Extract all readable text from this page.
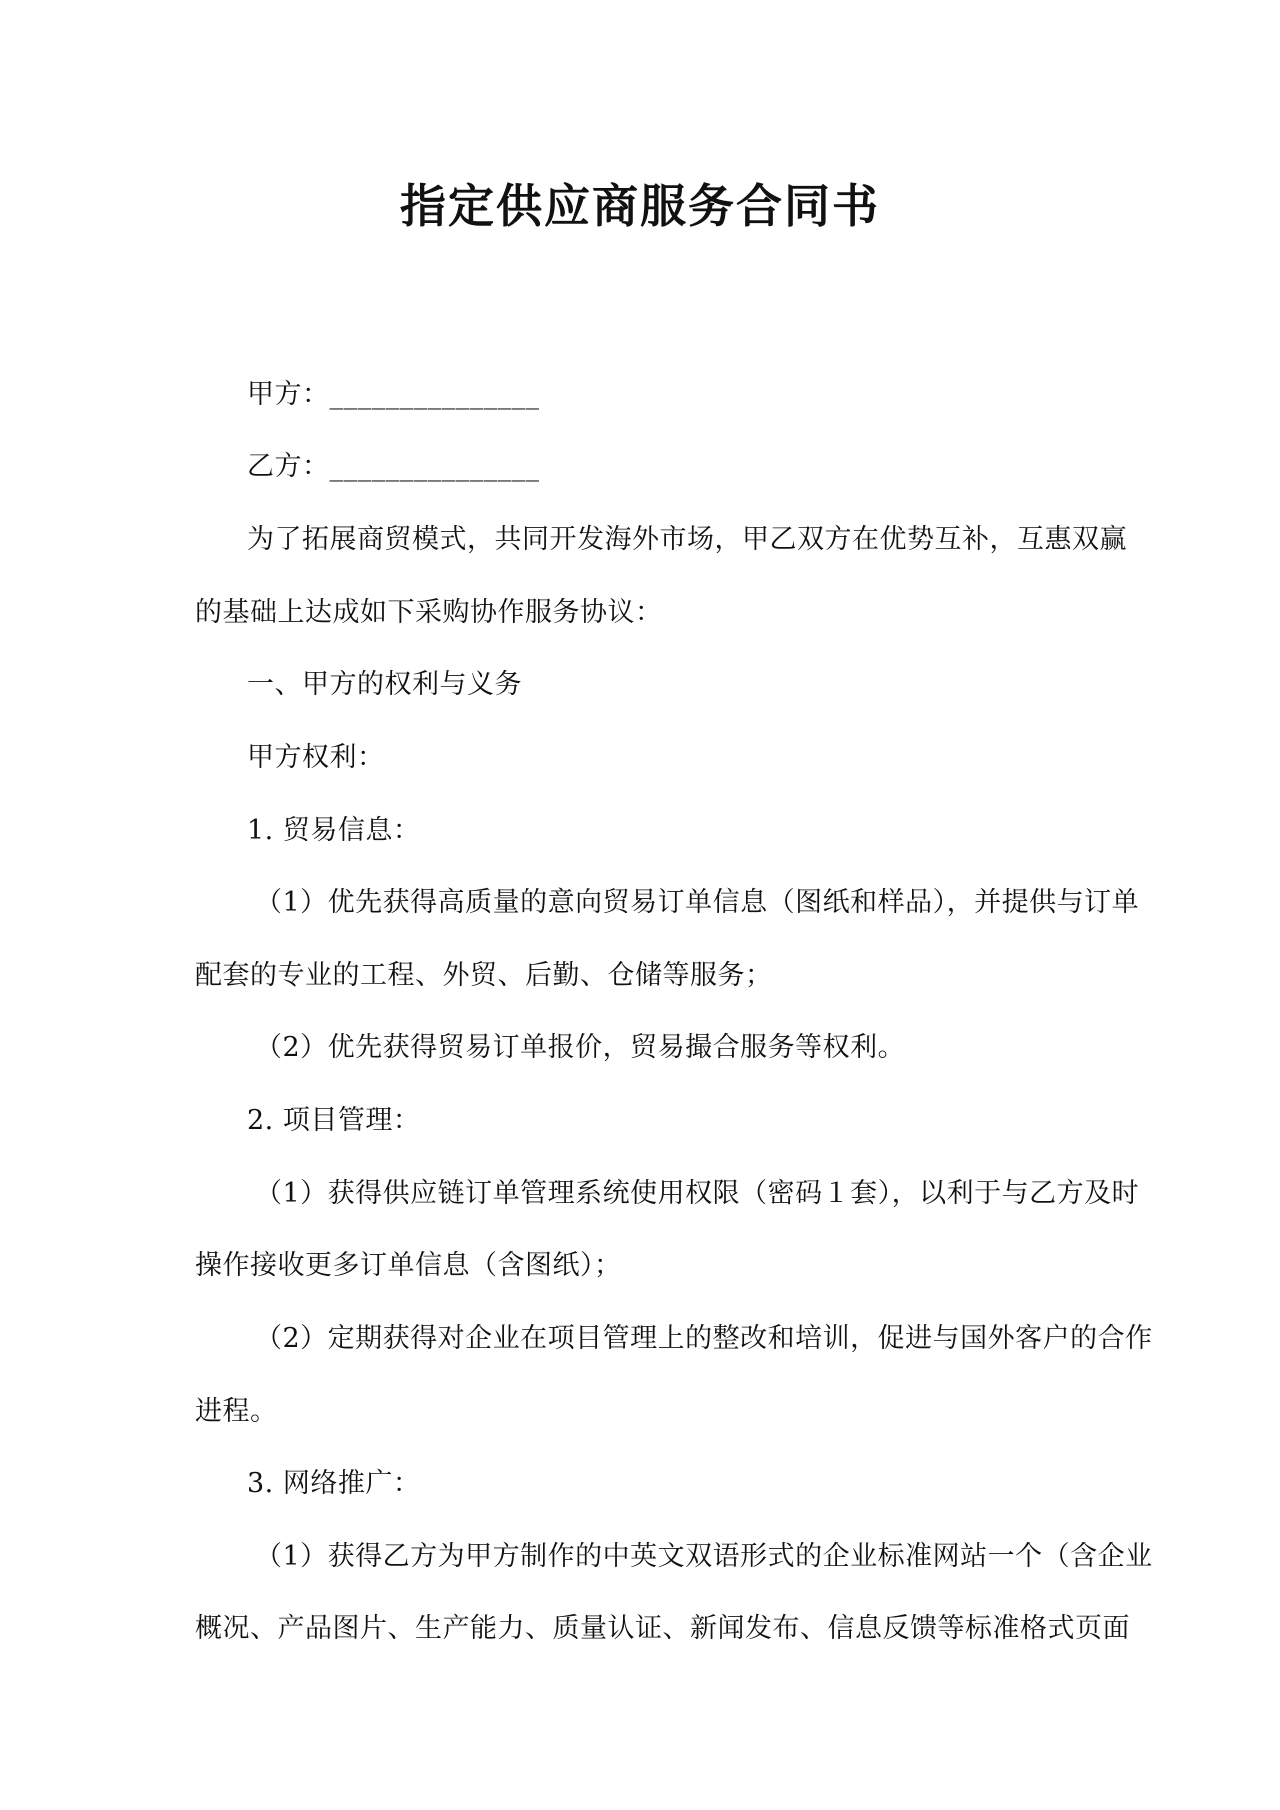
指定供应商服务合同书

甲方：_______________

乙方：_______________

为了拓展商贸模式，共同开发海外市场，甲乙双方在优势互补，互惠双赢

的基础上达成如下采购协作服务协议：

一、甲方的权利与义务

甲方权利：

1. 贸易信息：

（1）优先获得高质量的意向贸易订单信息（图纸和样品），并提供与订单

配套的专业的工程、外贸、后勤、仓储等服务；

（2）优先获得贸易订单报价，贸易撮合服务等权利。

2. 项目管理：

（1）获得供应链订单管理系统使用权限（密码１套），以利于与乙方及时

操作接收更多订单信息（含图纸）；

（2）定期获得对企业在项目管理上的整改和培训，促进与国外客户的合作

进程。

3. 网络推广：

（1）获得乙方为甲方制作的中英文双语形式的企业标准网站一个（含企业

概况、产品图片、生产能力、质量认证、新闻发布、信息反馈等标准格式页面
